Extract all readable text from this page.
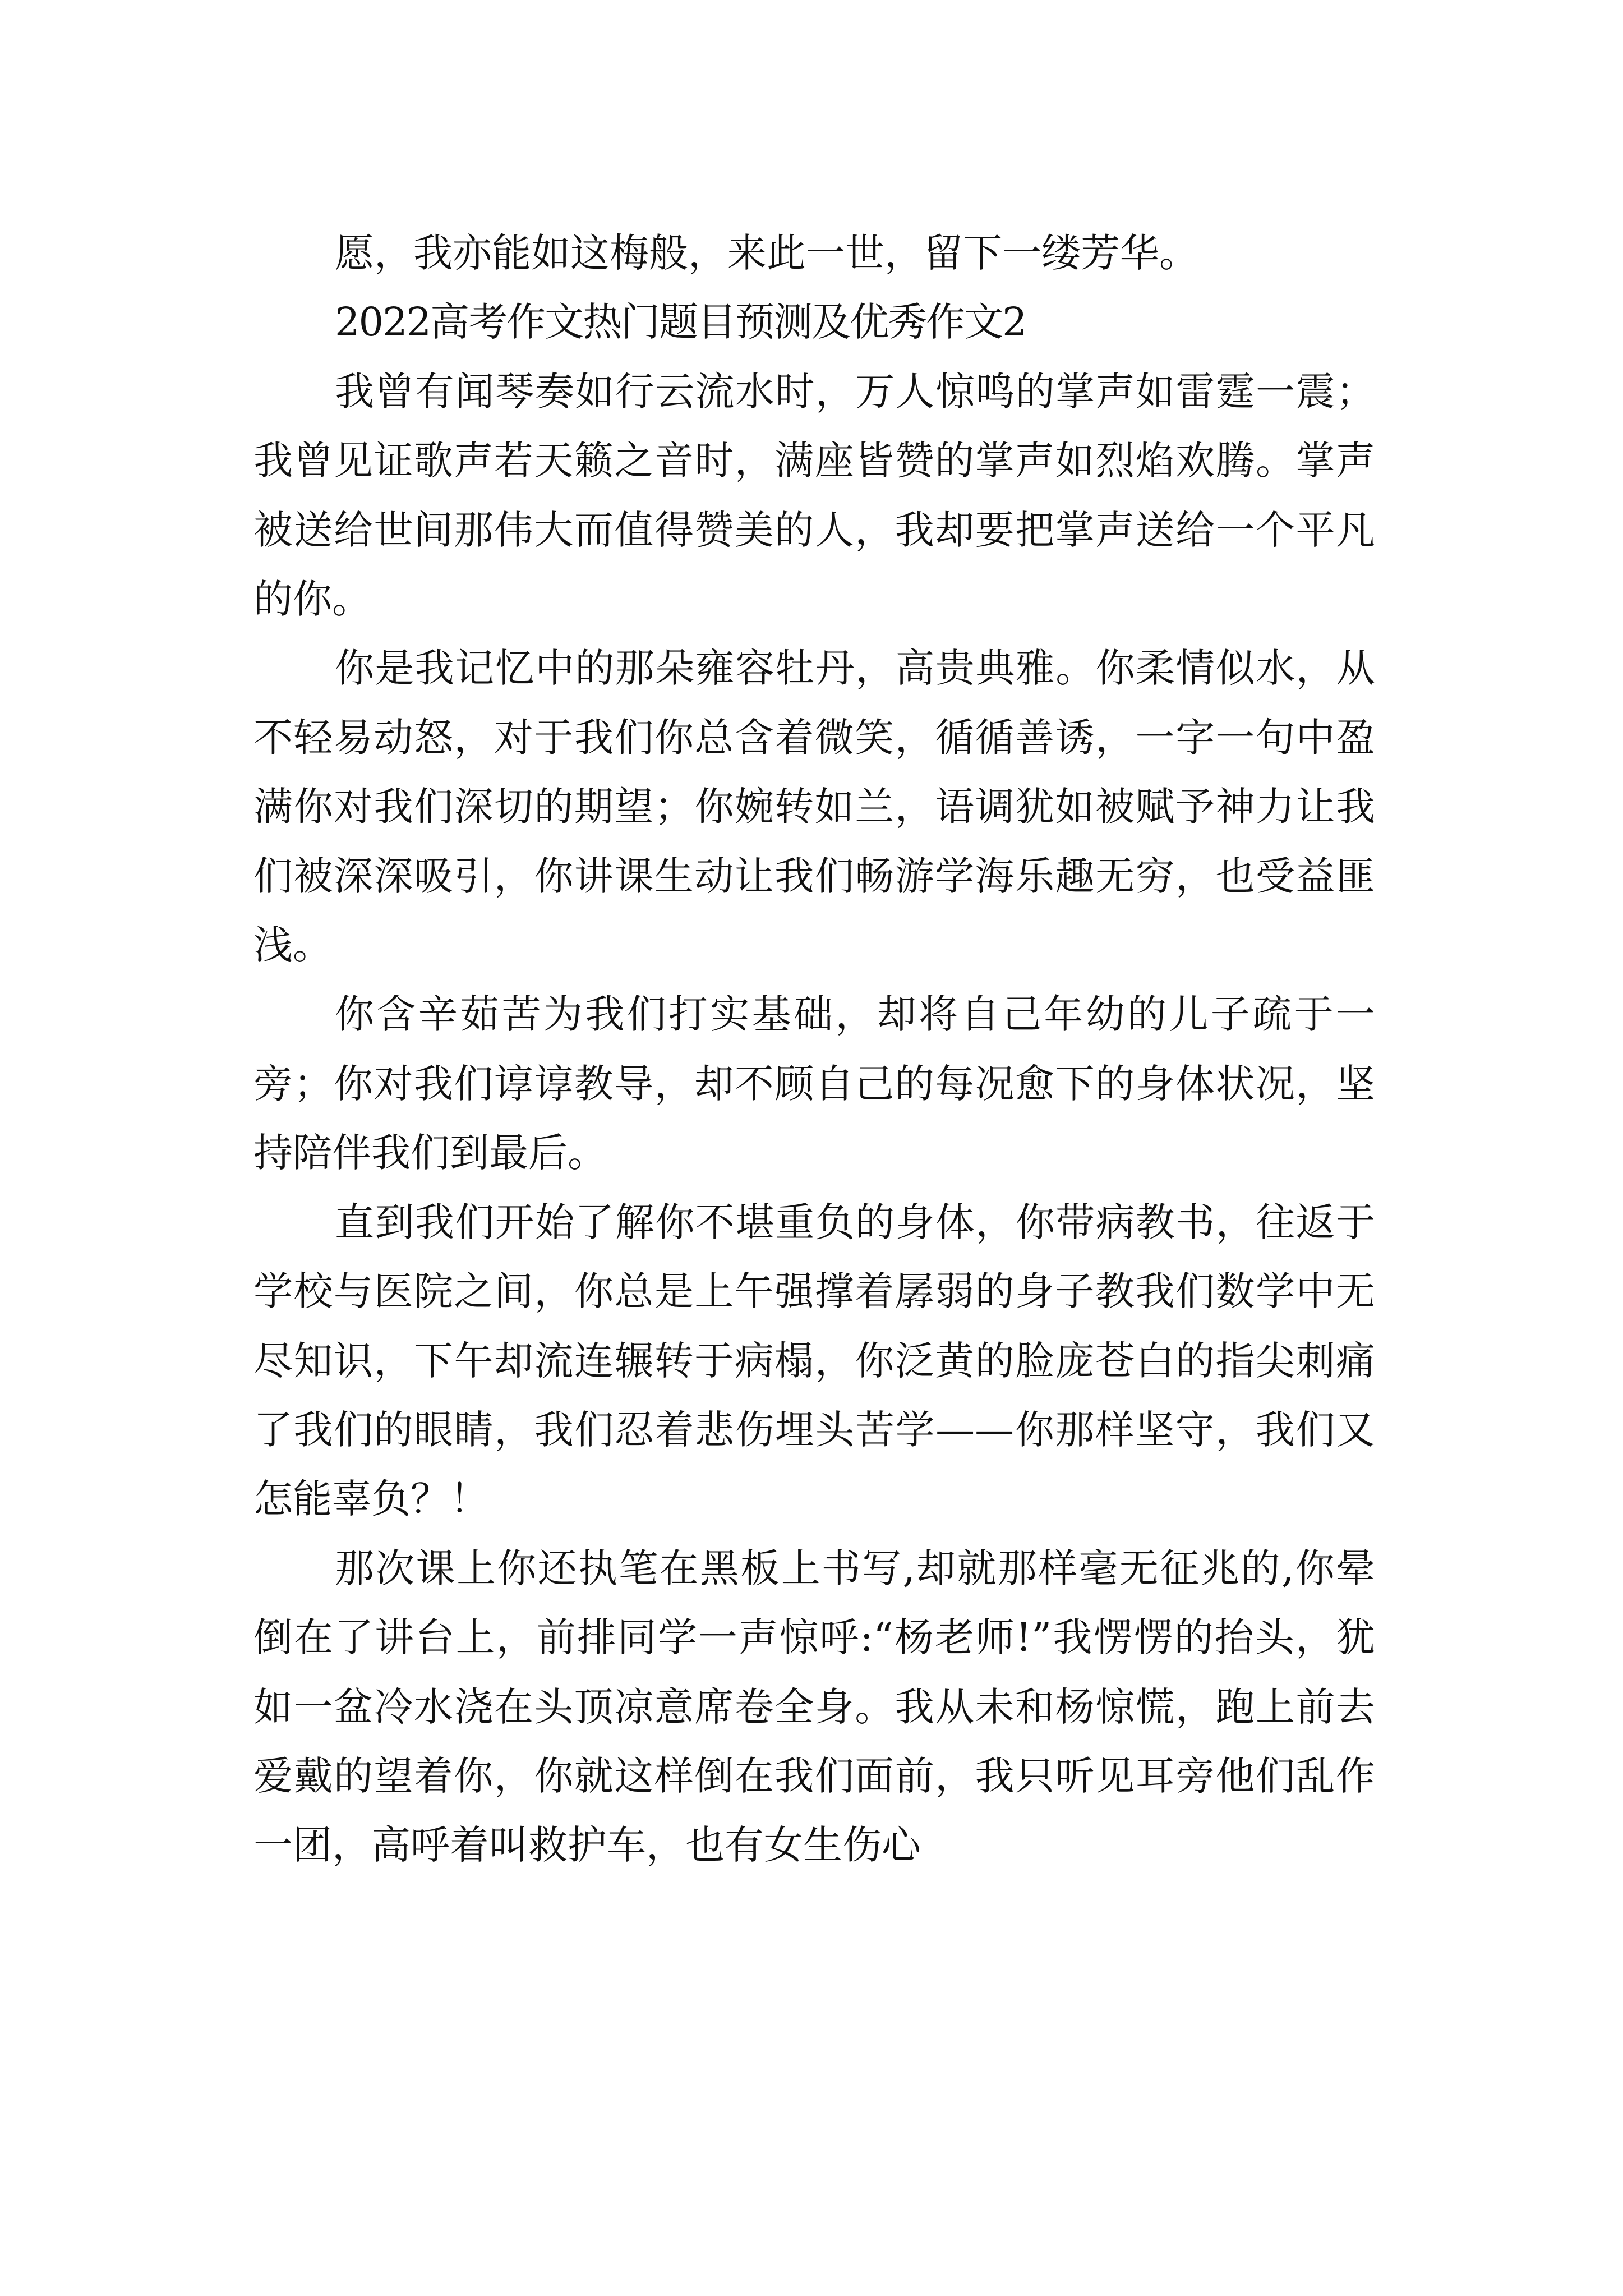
愿，我亦能如这梅般，来此一世，留下一缕芳华。

2022高考作文热门题目预测及优秀作文2

我曾有闻琴奏如行云流水时，万人惊鸣的掌声如雷霆一震；我曾见证歌声若天籁之音时，满座皆赞的掌声如烈焰欢腾。掌声被送给世间那伟大而值得赞美的人，我却要把掌声送给一个平凡的你。

你是我记忆中的那朵雍容牡丹，高贵典雅。你柔情似水，从不轻易动怒，对于我们你总含着微笑，循循善诱，一字一句中盈满你对我们深切的期望；你婉转如兰，语调犹如被赋予神力让我们被深深吸引，你讲课生动让我们畅游学海乐趣无穷，也受益匪浅。

你含辛茹苦为我们打实基础，却将自己年幼的儿子疏于一旁；你对我们谆谆教导，却不顾自己的每况愈下的身体状况，坚持陪伴我们到最后。

直到我们开始了解你不堪重负的身体，你带病教书，往返于学校与医院之间，你总是上午强撑着孱弱的身子教我们数学中无尽知识，下午却流连辗转于病榻，你泛黄的脸庞苍白的指尖刺痛了我们的眼睛，我们忍着悲伤埋头苦学——你那样坚守，我们又怎能辜负？！

那次课上你还执笔在黑板上书写,却就那样毫无征兆的,你晕倒在了讲台上，前排同学一声惊呼:“杨老师!”我愣愣的抬头，犹如一盆冷水浇在头顶凉意席卷全身。我从未和杨惊慌，跑上前去爱戴的望着你，你就这样倒在我们面前，我只听见耳旁他们乱作一团，高呼着叫救护车，也有女生伤心
